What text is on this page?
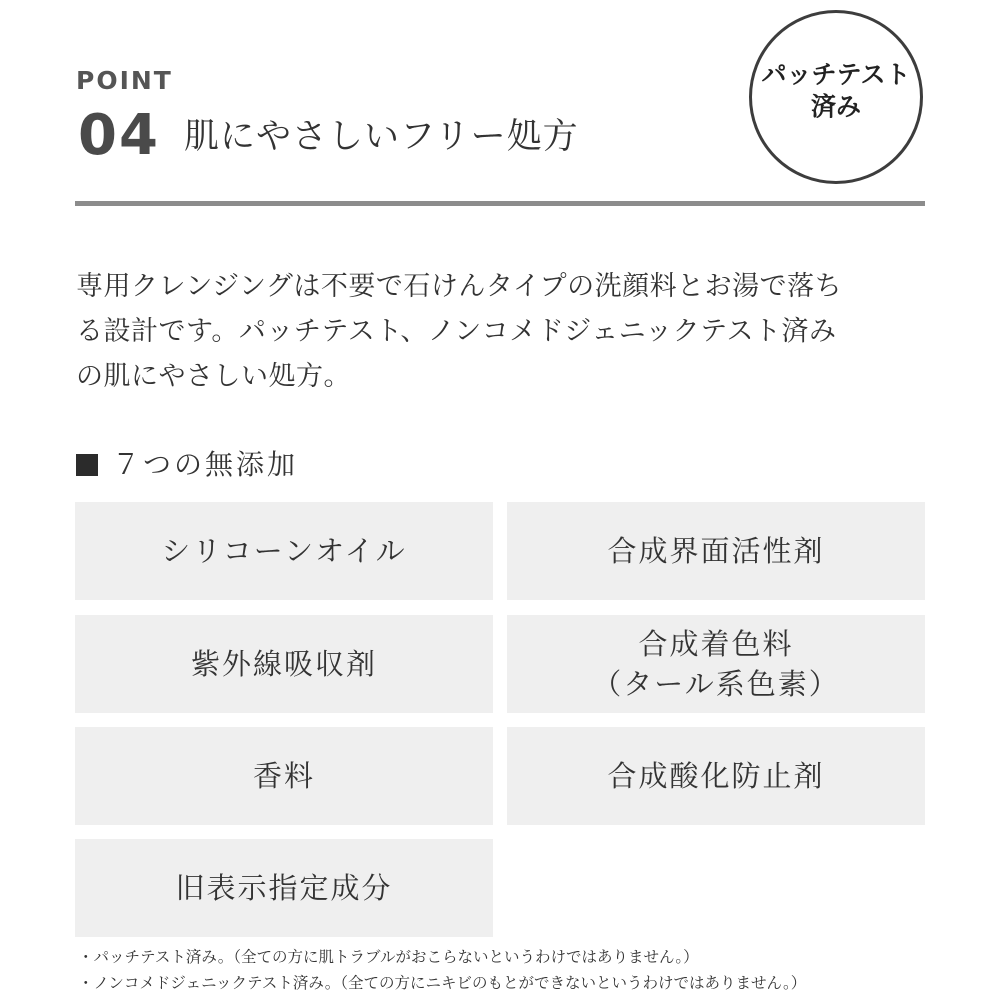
POINT
04 肌にやさしいフリー処方
パッチテスト
済み
専用クレンジングは不要で石けんタイプの洗顔料とお湯で落ち
る設計です。パッチテスト、ノンコメドジェニックテスト済み
の肌にやさしい処方。
７つの無添加
シリコーンオイル	合成界面活性剤
紫外線吸収剤
合成着色料
（タール系色素）
香料	合成酸化防止剤
旧表示指定成分
・パッチテスト済み。（全ての方に肌トラブルがおこらないというわけではありません。）
・ノンコメドジェニックテスト済み。（全ての方にニキビのもとができないというわけではありません。）
